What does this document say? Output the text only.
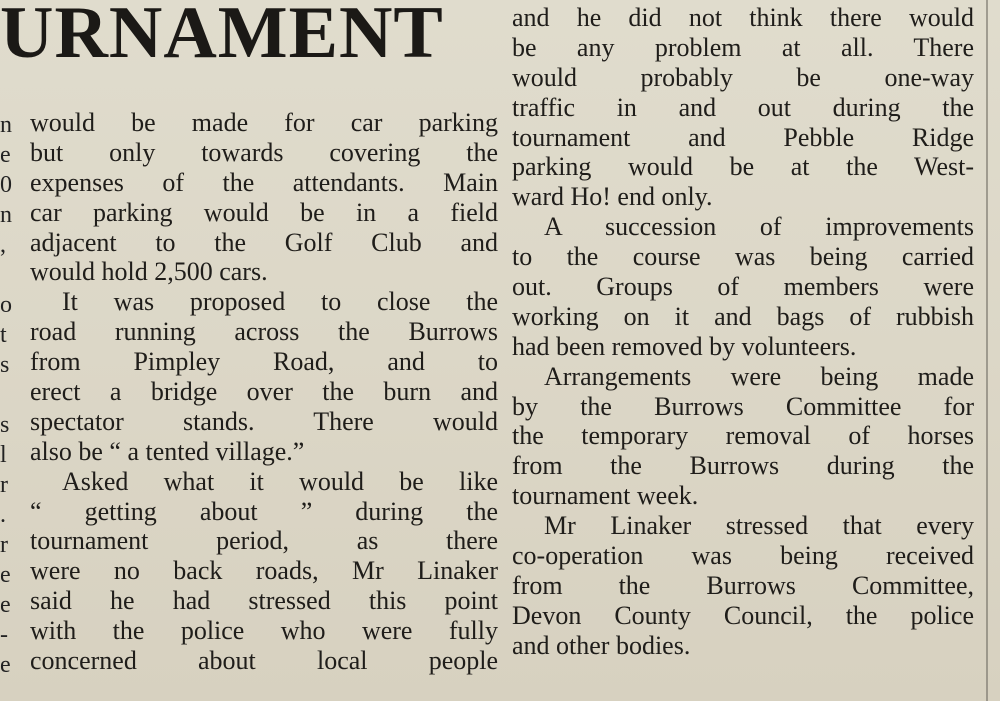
URNAMENT
n
e
0
n
,
o
t
s
s
l
r
.
r
e
e
-
e
would be made for car parking
but only towards covering the
expenses of the attendants. Main
car parking would be in a field
adjacent to the Golf Club and
would hold 2,500 cars.
It was proposed to close the
road running across the Burrows
from Pimpley Road, and to
erect a bridge over the burn and
spectator stands. There would
also be “ a tented village.”
Asked what it would be like
“ getting about ” during the
tournament period, as there
were no back roads, Mr Linaker
said he had stressed this point
with the police who were fully
concerned about local people
and he did not think there would
be any problem at all. There
would probably be one-way
traffic in and out during the
tournament and Pebble Ridge
parking would be at the West-
ward Ho! end only.
A succession of improvements
to the course was being carried
out. Groups of members were
working on it and bags of rubbish
had been removed by volunteers.
Arrangements were being made
by the Burrows Committee for
the temporary removal of horses
from the Burrows during the
tournament week.
Mr Linaker stressed that every
co-operation was being received
from the Burrows Committee,
Devon County Council, the police
and other bodies.
